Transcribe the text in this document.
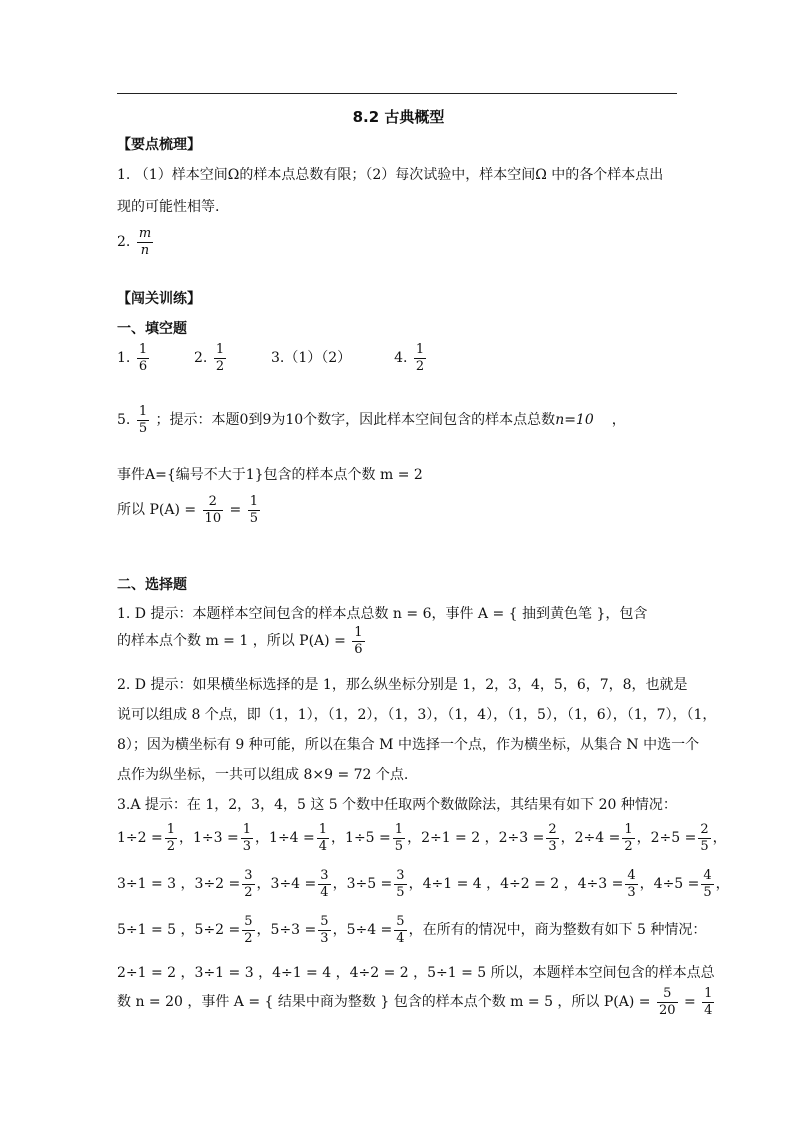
8.2 古典概型
【要点梳理】
1. （1）样本空间Ω的样本点总数有限；（2）每次试验中，样本空间Ω 中的各个样本点出
现的可能性相等.
2. $\frac{m}{n}$
【闯关训练】
一、填空题
1. $\frac{1}{6}$	2. $\frac{1}{2}$	3.（1）（2）	4. $\frac{1}{2}$
5. $\frac{1}{5}$ ；提示：本题0到9为10个数字，因此样本空间包含的样本点总数n=10 ，
事件A={编号不大于1}包含的样本点个数 m = 2
所以 $P(A) = \frac{2}{10} = \frac{1}{5}$
二、选择题
1. D 提示：本题样本空间包含的样本点总数 n = 6，事件 A = { 抽到黄色笔 }，包含
的样本点个数 m = 1 ，所以 $P(A) = \frac{1}{6}$
2. D 提示：如果横坐标选择的是 1，那么纵坐标分别是 1，2，3，4，5，6，7，8，也就是
说可以组成 8 个点，即（1，1），（1，2），（1，3），（1，4），（1，5），（1，6），（1，7），（1，
8）；因为横坐标有 9 种可能，所以在集合 M 中选择一个点，作为横坐标，从集合 N 中选一个
点作为纵坐标，一共可以组成 8×9 = 72 个点.
3.A 提示：在 1，2，3，4，5 这 5 个数中任取两个数做除法，其结果有如下 20 种情况：
$1\div 2 = \frac{1}{2}$ ，$1\div 3 = \frac{1}{3}$ ，$1\div 4 = \frac{1}{4}$ ，$1\div 5 = \frac{1}{5}$ ，2÷1 = 2 ，$2\div 3 = \frac{2}{3}$ ，$2\div 4 = \frac{1}{2}$ ，$2\div 5 = \frac{2}{5}$ ，
3÷1 = 3 ，$3\div 2 = \frac{3}{2}$ ，$3\div 4 = \frac{3}{4}$ ，$3\div 5 = \frac{3}{5}$ ，4÷1 = 4 ，4÷2 = 2 ，$4\div 3 = \frac{4}{3}$ ，$4\div 5 = \frac{4}{5}$ ，
5÷1 = 5 ，$5\div 2 = \frac{5}{2}$ ，$5\div 3 = \frac{5}{3}$ ，$5\div 4 = \frac{5}{4}$ ，在所有的情况中，商为整数有如下 5 种情况：
2÷1 = 2 ，3÷1 = 3 ，4÷1 = 4 ，4÷2 = 2 ，5÷1 = 5 所以，本题样本空间包含的样本点总
数 n = 20 ，事件 A = { 结果中商为整数 } 包含的样本点个数 m = 5 ，所以 $P(A) = \frac{5}{20} = \frac{1}{4}$
